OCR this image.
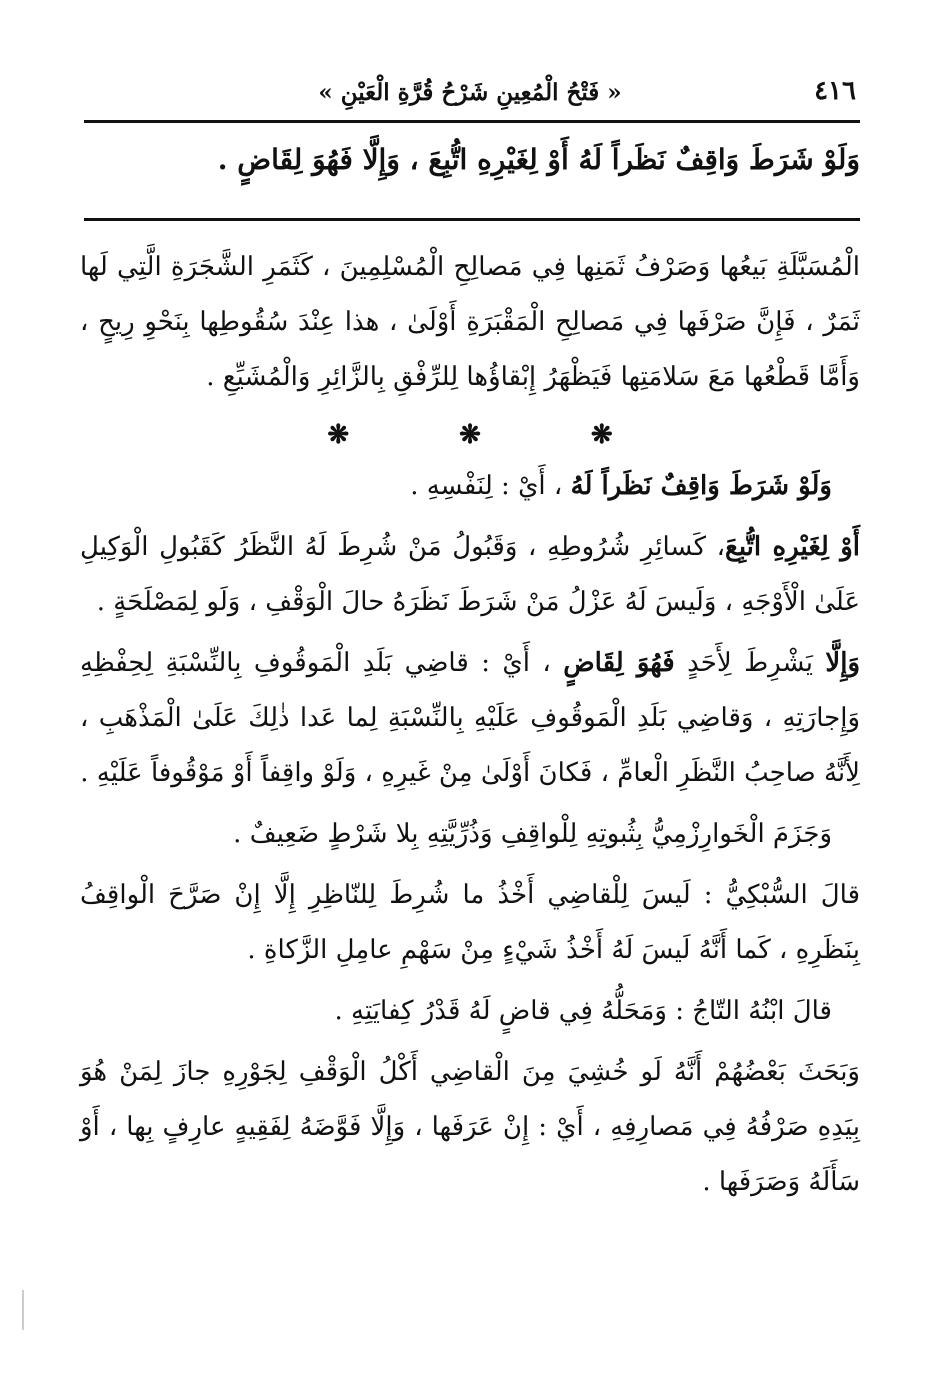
٤١٦
« فَتْحُ الْمُعِينِ شَرْحُ قُرَّةِ الْعَيْنِ »
وَلَوْ شَرَطَ وَاقِفٌ نَظَراً لَهُ أَوْ لِغَيْرِهِ اتُّبِعَ ، وَإِلَّا فَهُوَ لِقَاضٍ .

الْمُسَبَّلَةِ بَيعُها وَصَرْفُ ثَمَنِها فِي مَصالِحِ الْمُسْلِمِينَ ، كَثَمَرِ الشَّجَرَةِ الَّتِي لَها ثَمَرٌ ، فَإِنَّ صَرْفَها فِي مَصالِحِ الْمَقْبَرَةِ أَوْلَىٰ ، هذا عِنْدَ سُقُوطِها بِنَحْوِ رِيحٍ ، وَأَمَّا قَطْعُها مَعَ سَلامَتِها فَيَظْهَرُ إِبْقاؤُها لِلرِّفْقِ بِالزَّائِرِ وَالْمُشَيِّعِ .

❋
❋
❋

وَلَوْ شَرَطَ وَاقِفٌ نَظَراً لَهُ ، أَيْ : لِنَفْسِهِ .

أَوْ لِغَيْرِهِ اتُّبِعَ، كَسائِرِ شُرُوطِهِ ، وَقَبُولُ مَنْ شُرِطَ لَهُ النَّظَرُ كَقَبُولِ الْوَكِيلِ عَلَىٰ الْأَوْجَهِ ، وَلَيسَ لَهُ عَزْلُ مَنْ شَرَطَ نَظَرَهُ حالَ الْوَقْفِ ، وَلَو لِمَصْلَحَةٍ .

وَإِلَّا يَشْرِطَ لِأَحَدٍ فَهُوَ لِقَاضٍ ، أَيْ : قاضِي بَلَدِ الْمَوقُوفِ بِالنِّسْبَةِ لِحِفْظِهِ وَإِجارَتِهِ ، وَقاضِي بَلَدِ الْمَوقُوفِ عَلَيْهِ بِالنِّسْبَةِ لِما عَدا ذٰلِكَ عَلَىٰ الْمَذْهَبِ ، لِأَنَّهُ صاحِبُ النَّظَرِ الْعامِّ ، فَكانَ أَوْلَىٰ مِنْ غَيرِهِ ، وَلَوْ واقِفاً أَوْ مَوْقُوفاً عَلَيْهِ .

وَجَزَمَ الْخَوارِزْمِيُّ بِثُبوتِهِ لِلْواقِفِ وَذُرِّيَّتِهِ بِلا شَرْطٍ ضَعِيفٌ .

قالَ السُّبْكِيُّ : لَيسَ لِلْقاضِي أَخْذُ ما شُرِطَ لِلنّاظِرِ إِلَّا إِنْ صَرَّحَ الْواقِفُ بِنَظَرِهِ ، كَما أَنَّهُ لَيسَ لَهُ أَخْذُ شَيْءٍ مِنْ سَهْمِ عامِلِ الزَّكاةِ .

قالَ ابْنُهُ التّاجُ : وَمَحَلُّهُ فِي قاضٍ لَهُ قَدْرُ كِفايَتِهِ .

وَبَحَثَ بَعْضُهُمْ أَنَّهُ لَو خُشِيَ مِنَ الْقاضِي أَكْلُ الْوَقْفِ لِجَوْرِهِ جازَ لِمَنْ هُوَ بِيَدِهِ صَرْفُهُ فِي مَصارِفِهِ ، أَيْ : إِنْ عَرَفَها ، وَإِلَّا فَوَّضَهُ لِفَقِيهٍ عارِفٍ بِها ، أَوْ سَأَلَهُ وَصَرَفَها .
